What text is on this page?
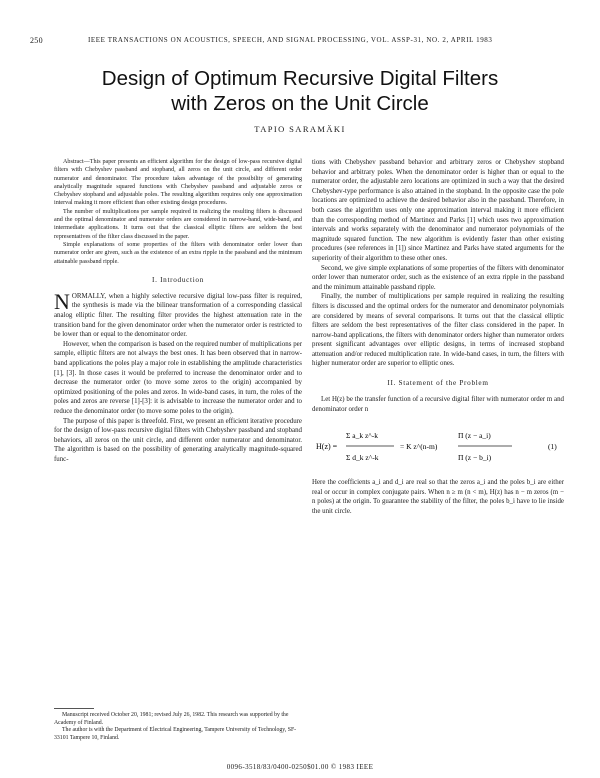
250	IEEE TRANSACTIONS ON ACOUSTICS, SPEECH, AND SIGNAL PROCESSING, VOL. ASSP-31, NO. 2, APRIL 1983
Design of Optimum Recursive Digital Filters
with Zeros on the Unit Circle
TAPIO SARAMÄKI

Abstract—This paper presents an efficient algorithm for the design of low-pass recursive digital filters with Chebyshev passband and stopband, all zeros on the unit circle, and different order numerator and denominator. The procedure takes advantage of the possibility of generating analytically magnitude squared functions with Chebyshev passband and adjustable zeros or Chebyshev stopband and adjustable poles. The resulting algorithm requires only one approximation interval making it more efficient than other existing design procedures.

The number of multiplications per sample required in realizing the resulting filters is discussed and the optimal denominator and numerator orders are considered in narrow-band, wide-band, and intermediate applications. It turns out that the classical elliptic filters are seldom the best representatives of the filter class discussed in the paper.

Simple explanations of some properties of the filters with denominator order lower than numerator order are given, such as the existence of an extra ripple in the passband and the minimum attainable passband ripple.

I. Introduction

NORMALLY, when a highly selective recursive digital low-pass filter is required, the synthesis is made via the bilinear transformation of a corresponding classical analog elliptic filter. The resulting filter provides the highest attenuation rate in the transition band for the given denominator order when the numerator order is restricted to be lower than or equal to the denominator order.

However, when the comparison is based on the required number of multiplications per sample, elliptic filters are not always the best ones. It has been observed that in narrow-band applications the poles play a major role in establishing the amplitude characteristics [1], [3]. In those cases it would be preferred to increase the denominator order and to decrease the numerator order (to move some zeros to the origin) accompanied by optimized positioning of the poles and zeros. In wide-band cases, in turn, the roles of the poles and zeros are reverse [1]-[3]: it is advisable to increase the numerator order and to reduce the denominator order (to move some poles to the origin).

The purpose of this paper is threefold. First, we present an efficient iterative procedure for the design of low-pass recursive digital filters with Chebyshev passband and stopband behaviors, all zeros on the unit circle, and different order numerator and denominator. The algorithm is based on the possibility of generating analytically magnitude-squared func-

Manuscript received October 20, 1981; revised July 26, 1982. This research was supported by the Academy of Finland.

The author is with the Department of Electrical Engineering, Tampere University of Technology, SF-33101 Tampere 10, Finland.

tions with Chebyshev passband behavior and arbitrary zeros or Chebyshev stopband behavior and arbitrary poles. When the denominator order is higher than or equal to the numerator order, the adjustable zero locations are optimized in such a way that the desired Chebyshev-type performance is also attained in the stopband. In the opposite case the pole locations are optimized to achieve the desired behavior also in the passband. Therefore, in both cases the algorithm uses only one approximation interval making it more efficient than the corresponding method of Martinez and Parks [1] which uses two approximation intervals and works separately with the denominator and numerator polynomials of the magnitude squared function. The new algorithm is evidently faster than other existing procedures (see references in [1]) since Martinez and Parks have stated arguments for the superiority of their algorithm to these other ones.

Second, we give simple explanations of some properties of the filters with denominator order lower than numerator order, such as the existence of an extra ripple in the passband and the minimum attainable passband ripple.

Finally, the number of multiplications per sample required in realizing the resulting filters is discussed and the optimal orders for the numerator and denominator polynomials are considered by means of several comparisons. It turns out that the classical elliptic filters are seldom the best representatives of the filter class considered in the paper. In narrow-band applications, the filters with denominator orders higher than numerator orders present significant advantages over elliptic designs, in terms of increased stopband attenuation and/or reduced multiplication rate. In wide-band cases, in turn, the filters with higher numerator order are superior to elliptic ones.

II. Statement of the Problem

Let H(z) be the transfer function of a recursive digital filter with numerator order m and denominator order n

H(z) =
Σ a_k z^-k
Σ d_k z^-k
= K z^(n-m)
Π (z − a_i)
Π (z − b_i)
(1)

Here the coefficients a_i and d_i are real so that the zeros a_i and the poles b_i are either real or occur in complex conjugate pairs. When n ≥ m (n < m), H(z) has n − m zeros (m − n poles) at the origin. To guarantee the stability of the filter, the poles b_i have to lie inside the unit circle.

0096-3518/83/0400-0250$01.00 © 1983 IEEE
